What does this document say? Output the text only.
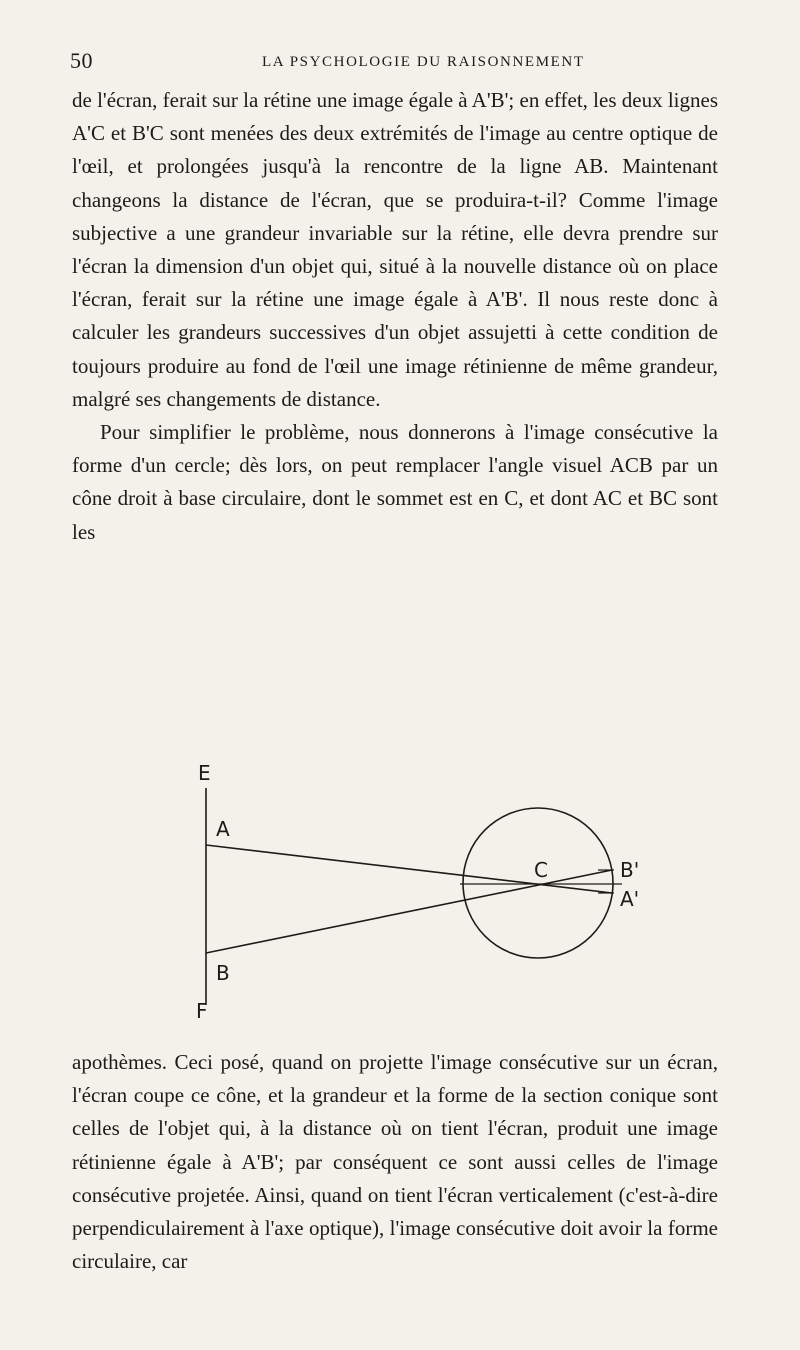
50	LA PSYCHOLOGIE DU RAISONNEMENT

de l'écran, ferait sur la rétine une image égale à A'B'; en effet, les deux lignes A'C et B'C sont menées des deux extrémités de l'image au centre optique de l'œil, et prolongées jusqu'à la rencontre de la ligne AB. Maintenant changeons la distance de l'écran, que se produira-t-il? Comme l'image subjective a une grandeur invariable sur la rétine, elle devra prendre sur l'écran la dimension d'un objet qui, situé à la nouvelle distance où on place l'écran, ferait sur la rétine une image égale à A'B'. Il nous reste donc à calculer les grandeurs successives d'un objet assujetti à cette condition de toujours produire au fond de l'œil une image rétinienne de même grandeur, malgré ses changements de distance.

Pour simplifier le problème, nous donnerons à l'image consécutive la forme d'un cercle; dès lors, on peut remplacer l'angle visuel ACB par un cône droit à base circulaire, dont le sommet est en C, et dont AC et BC sont les

E
A
B
C	B'
A'
F

apothèmes. Ceci posé, quand on projette l'image consécutive sur un écran, l'écran coupe ce cône, et la grandeur et la forme de la section conique sont celles de l'objet qui, à la distance où on tient l'écran, produit une image rétinienne égale à A'B'; par conséquent ce sont aussi celles de l'image consécutive projetée. Ainsi, quand on tient l'écran verticalement (c'est-à-dire perpendiculairement à l'axe optique), l'image consécutive doit avoir la forme circulaire, car
